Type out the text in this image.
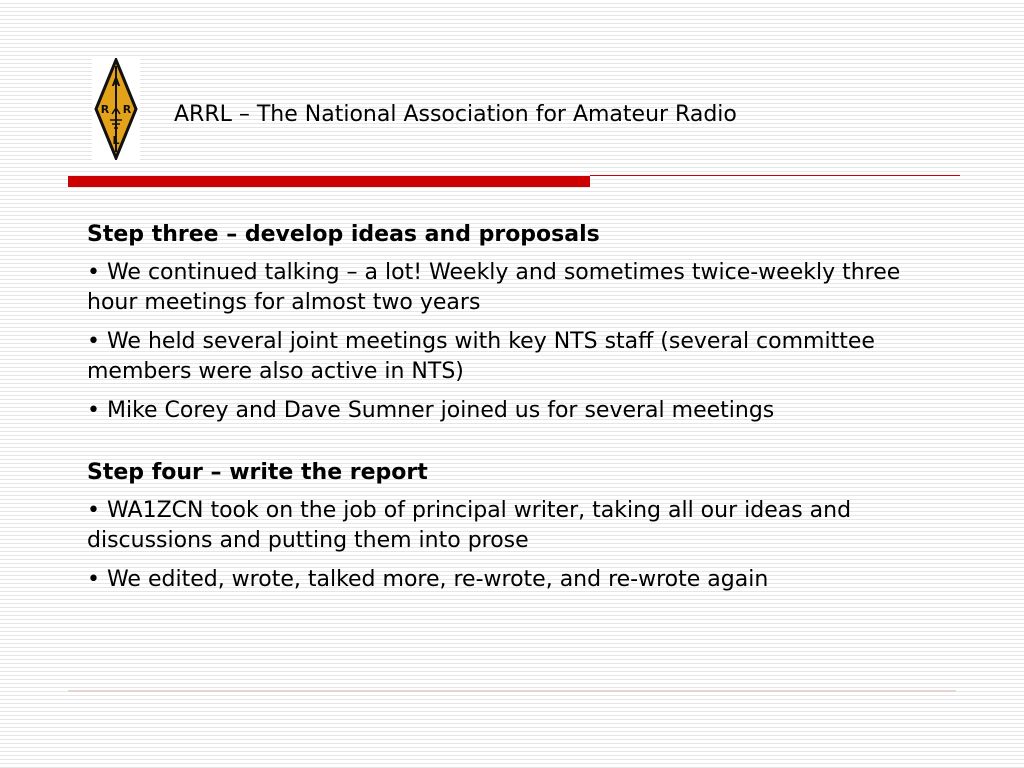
A
R R
L
ARRL – The National Association for Amateur Radio
Step three – develop ideas and proposals
• We continued talking – a lot! Weekly and sometimes twice-weekly three hour meetings for almost two years
• We held several joint meetings with key NTS staff (several committee members were also active in NTS)
• Mike Corey and Dave Sumner joined us for several meetings
Step four – write the report
• WA1ZCN took on the job of principal writer, taking all our ideas and discussions and putting them into prose
• We edited, wrote, talked more, re-wrote, and re-wrote again
